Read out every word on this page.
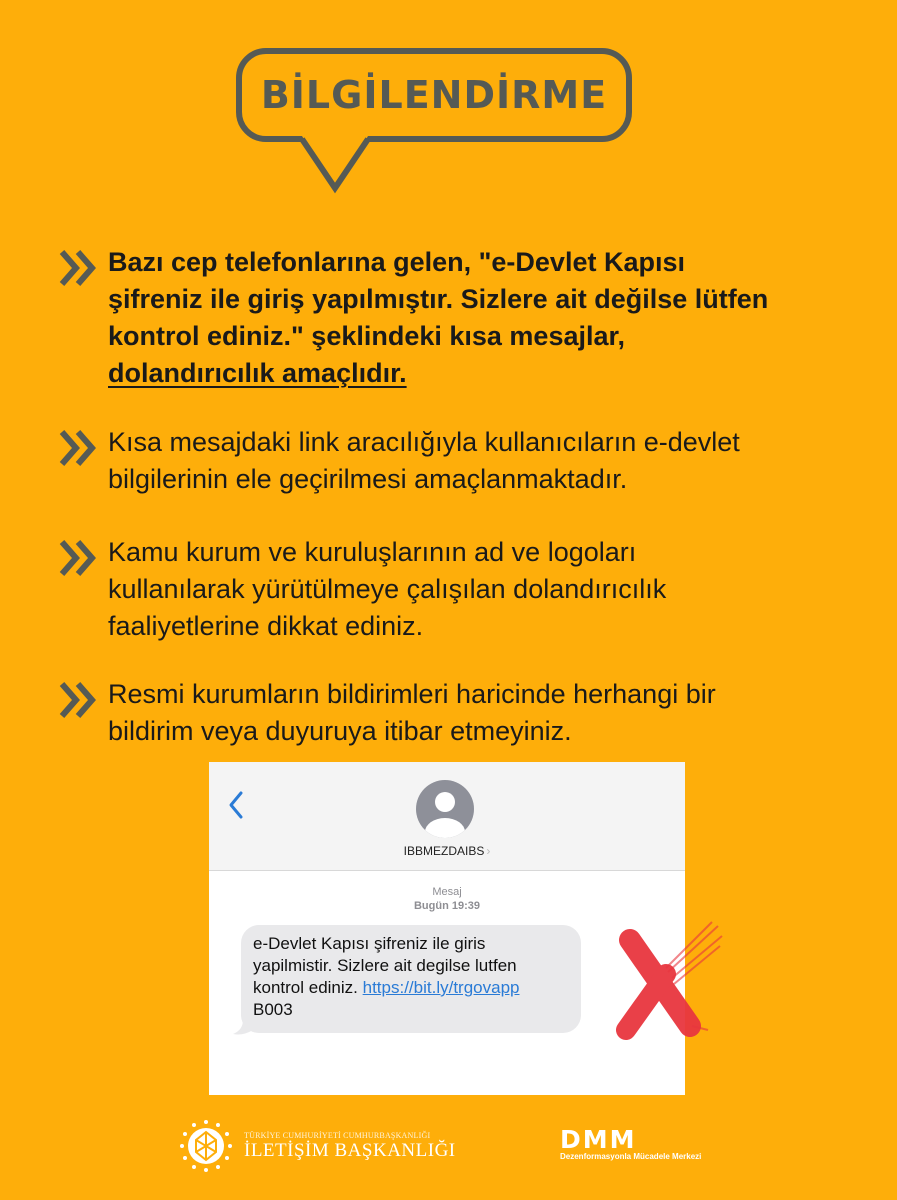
BİLGİLENDİRME
Bazı cep telefonlarına gelen, "e-Devlet Kapısı
şifreniz ile giriş yapılmıştır. Sizlere ait değilse lütfen
kontrol ediniz." şeklindeki kısa mesajlar,
dolandırıcılık amaçlıdır.
Kısa mesajdaki link aracılığıyla kullanıcıların e-devlet
bilgilerinin ele geçirilmesi amaçlanmaktadır.
Kamu kurum ve kuruluşlarının ad ve logoları
kullanılarak yürütülmeye çalışılan dolandırıcılık
faaliyetlerine dikkat ediniz.
Resmi kurumların bildirimleri haricinde herhangi bir
bildirim veya duyuruya itibar etmeyiniz.
IBBMEZDAIBS ›
Mesaj
Bugün 19:39
e-Devlet Kapısı şifreniz ile giris
yapilmistir. Sizlere ait degilse lutfen
kontrol ediniz. https://bit.ly/trgovapp
B003
TÜRKİYE CUMHURİYETİ CUMHURBAŞKANLIĞI
İLETİŞİM BAŞKANLIĞI	DMM
Dezenformasyonla Mücadele Merkezi
